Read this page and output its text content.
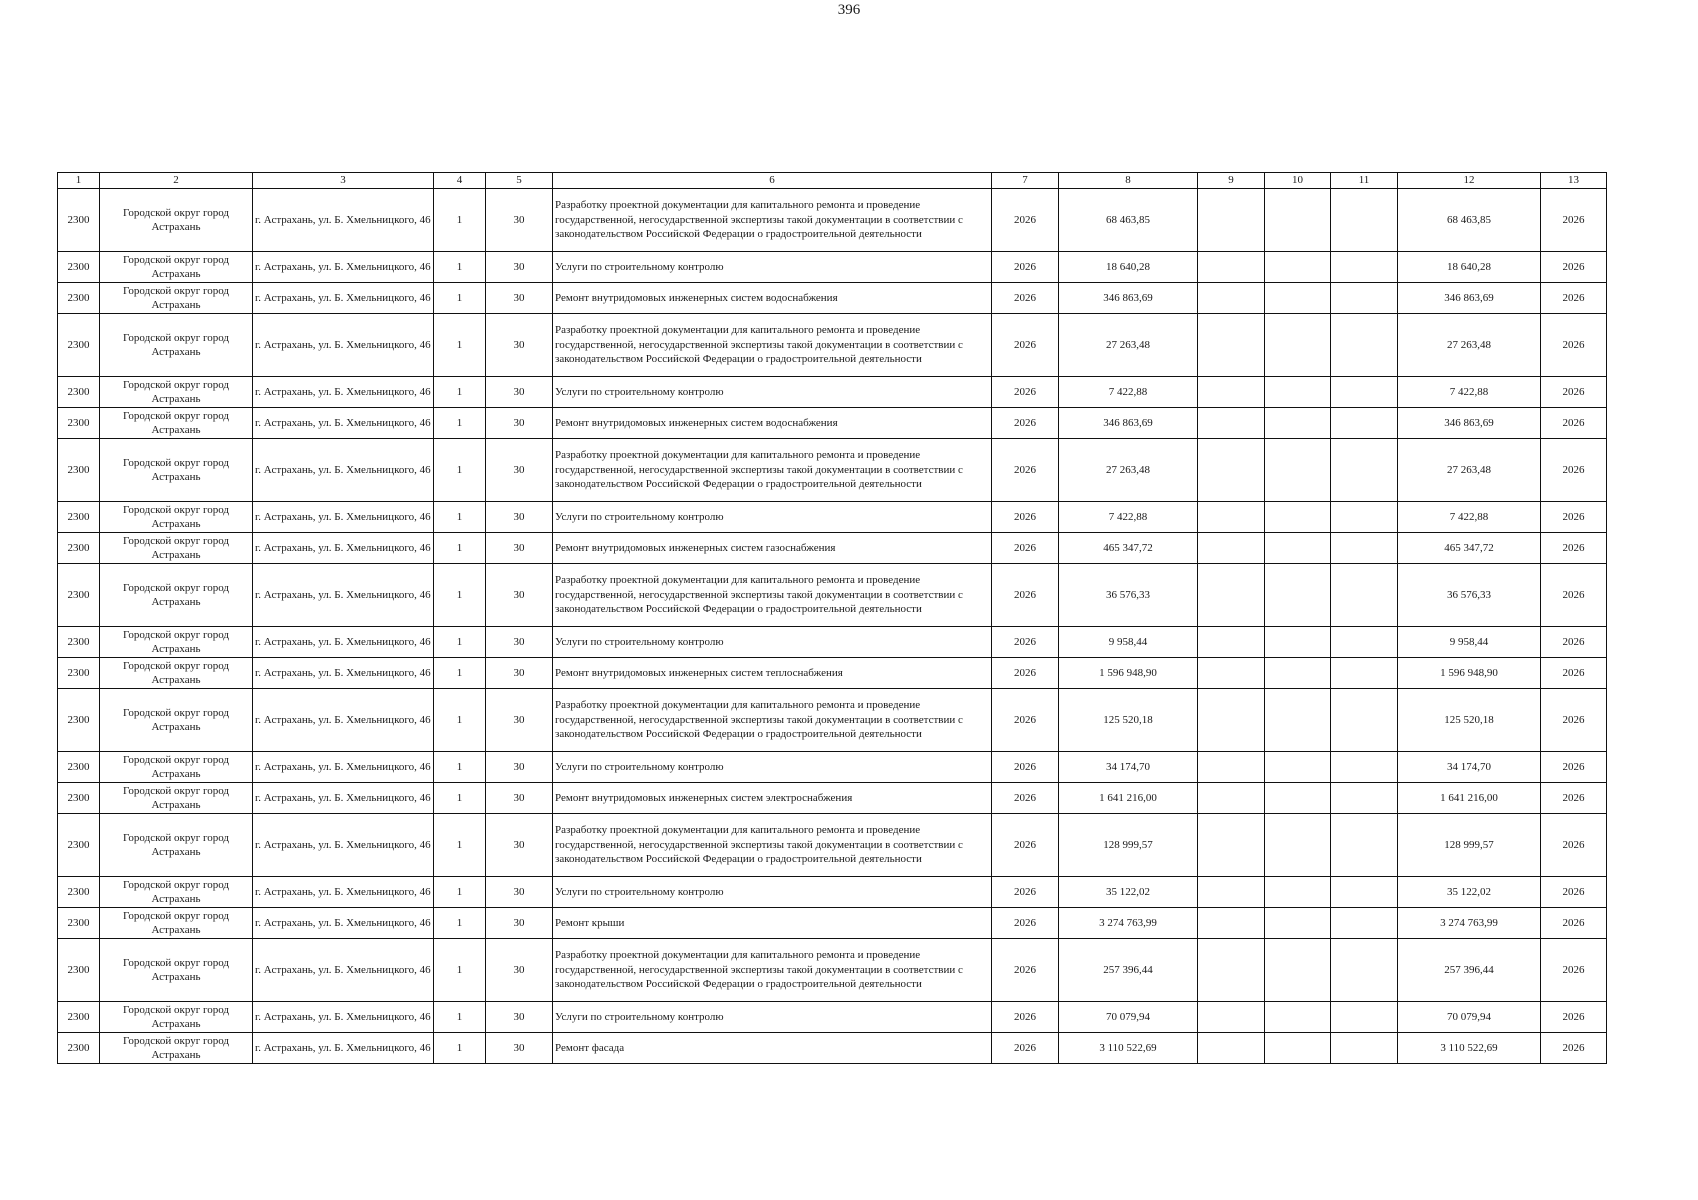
396
1	2	3	4	5	6	7	8	9	10	11	12	13
2300	Городской округ город Астрахань	г. Астрахань, ул. Б. Хмельницкого, 46	1	30	Разработку проектной документации для капитального ремонта и проведение государственной, негосударственной экспертизы такой документации в соответствии с законодательством Российской Федерации о градостроительной деятельности	2026	68 463,85				68 463,85	2026
2300	Городской округ город Астрахань	г. Астрахань, ул. Б. Хмельницкого, 46	1	30	Услуги по строительному контролю	2026	18 640,28				18 640,28	2026
2300	Городской округ город Астрахань	г. Астрахань, ул. Б. Хмельницкого, 46	1	30	Ремонт внутридомовых инженерных систем водоснабжения	2026	346 863,69				346 863,69	2026
2300	Городской округ город Астрахань	г. Астрахань, ул. Б. Хмельницкого, 46	1	30	Разработку проектной документации для капитального ремонта и проведение государственной, негосударственной экспертизы такой документации в соответствии с законодательством Российской Федерации о градостроительной деятельности	2026	27 263,48				27 263,48	2026
2300	Городской округ город Астрахань	г. Астрахань, ул. Б. Хмельницкого, 46	1	30	Услуги по строительному контролю	2026	7 422,88				7 422,88	2026
2300	Городской округ город Астрахань	г. Астрахань, ул. Б. Хмельницкого, 46	1	30	Ремонт внутридомовых инженерных систем водоснабжения	2026	346 863,69				346 863,69	2026
2300	Городской округ город Астрахань	г. Астрахань, ул. Б. Хмельницкого, 46	1	30	Разработку проектной документации для капитального ремонта и проведение государственной, негосударственной экспертизы такой документации в соответствии с законодательством Российской Федерации о градостроительной деятельности	2026	27 263,48				27 263,48	2026
2300	Городской округ город Астрахань	г. Астрахань, ул. Б. Хмельницкого, 46	1	30	Услуги по строительному контролю	2026	7 422,88				7 422,88	2026
2300	Городской округ город Астрахань	г. Астрахань, ул. Б. Хмельницкого, 46	1	30	Ремонт внутридомовых инженерных систем газоснабжения	2026	465 347,72				465 347,72	2026
2300	Городской округ город Астрахань	г. Астрахань, ул. Б. Хмельницкого, 46	1	30	Разработку проектной документации для капитального ремонта и проведение государственной, негосударственной экспертизы такой документации в соответствии с законодательством Российской Федерации о градостроительной деятельности	2026	36 576,33				36 576,33	2026
2300	Городской округ город Астрахань	г. Астрахань, ул. Б. Хмельницкого, 46	1	30	Услуги по строительному контролю	2026	9 958,44				9 958,44	2026
2300	Городской округ город Астрахань	г. Астрахань, ул. Б. Хмельницкого, 46	1	30	Ремонт внутридомовых инженерных систем теплоснабжения	2026	1 596 948,90				1 596 948,90	2026
2300	Городской округ город Астрахань	г. Астрахань, ул. Б. Хмельницкого, 46	1	30	Разработку проектной документации для капитального ремонта и проведение государственной, негосударственной экспертизы такой документации в соответствии с законодательством Российской Федерации о градостроительной деятельности	2026	125 520,18				125 520,18	2026
2300	Городской округ город Астрахань	г. Астрахань, ул. Б. Хмельницкого, 46	1	30	Услуги по строительному контролю	2026	34 174,70				34 174,70	2026
2300	Городской округ город Астрахань	г. Астрахань, ул. Б. Хмельницкого, 46	1	30	Ремонт внутридомовых инженерных систем электроснабжения	2026	1 641 216,00				1 641 216,00	2026
2300	Городской округ город Астрахань	г. Астрахань, ул. Б. Хмельницкого, 46	1	30	Разработку проектной документации для капитального ремонта и проведение государственной, негосударственной экспертизы такой документации в соответствии с законодательством Российской Федерации о градостроительной деятельности	2026	128 999,57				128 999,57	2026
2300	Городской округ город Астрахань	г. Астрахань, ул. Б. Хмельницкого, 46	1	30	Услуги по строительному контролю	2026	35 122,02				35 122,02	2026
2300	Городской округ город Астрахань	г. Астрахань, ул. Б. Хмельницкого, 46	1	30	Ремонт крыши	2026	3 274 763,99				3 274 763,99	2026
2300	Городской округ город Астрахань	г. Астрахань, ул. Б. Хмельницкого, 46	1	30	Разработку проектной документации для капитального ремонта и проведение государственной, негосударственной экспертизы такой документации в соответствии с законодательством Российской Федерации о градостроительной деятельности	2026	257 396,44				257 396,44	2026
2300	Городской округ город Астрахань	г. Астрахань, ул. Б. Хмельницкого, 46	1	30	Услуги по строительному контролю	2026	70 079,94				70 079,94	2026
2300	Городской округ город Астрахань	г. Астрахань, ул. Б. Хмельницкого, 46	1	30	Ремонт фасада	2026	3 110 522,69				3 110 522,69	2026
